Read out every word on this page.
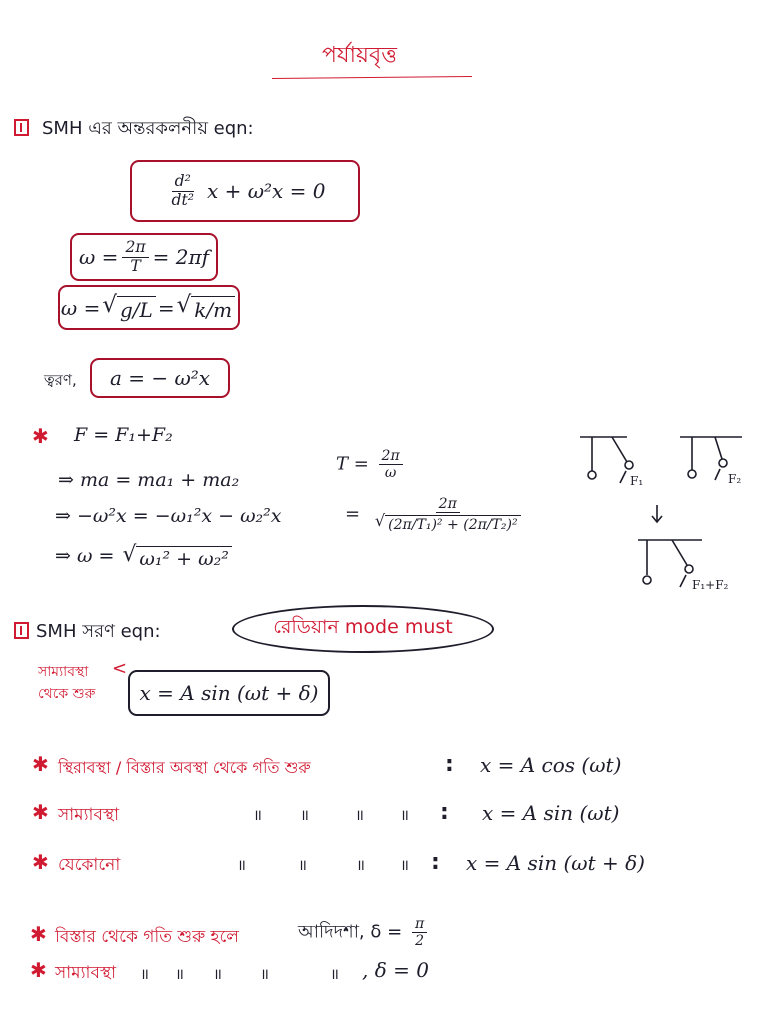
পর্যায়বৃত্ত
SMH এর অন্তরকলনীয় eqn:
$\frac{\text{d²}}{\text{dt²}}$ x + ω²x = 0
$\omega = \frac{2\pi}{T} = 2\pi f$
ω = √ g/L = √ k/m
ত্বরণ, a = − ω²x
✱ F = F₁+F₂
⇒ ma = ma₁ + ma₂
⇒ −ω²x = −ω₁²x − ω₂²x
⇒ ω = √ ω₁² + ω₂²
$T = \frac{2\pi}{\omega}$
= $\frac{2\pi}{\text{√ (2π/T₁)² + (2π/T₂)²}}$
F₁	F₂
F₁+F₂
SMH সরণ eqn:	রেডিয়ান mode must
সাম্যাবস্থা
থেকে শুরু
<
x = A sin (ωt + δ)
✱ স্থিরাবস্থা / বিস্তার অবস্থা থেকে গতি শুরু	: x = A cos (ωt)
✱ সাম্যাবস্থা	॥	॥	॥ ॥ : x = A sin (ωt)
✱ যেকোনো	॥	॥	॥ ॥ : x = A sin (ωt + δ)
✱ বিস্তার থেকে গতি শুরু হলে	আদিদশা, $\delta = \frac{\pi}{2}$
✱ সাম্যাবস্থা ॥ ॥ ॥	॥	॥ , δ = 0
